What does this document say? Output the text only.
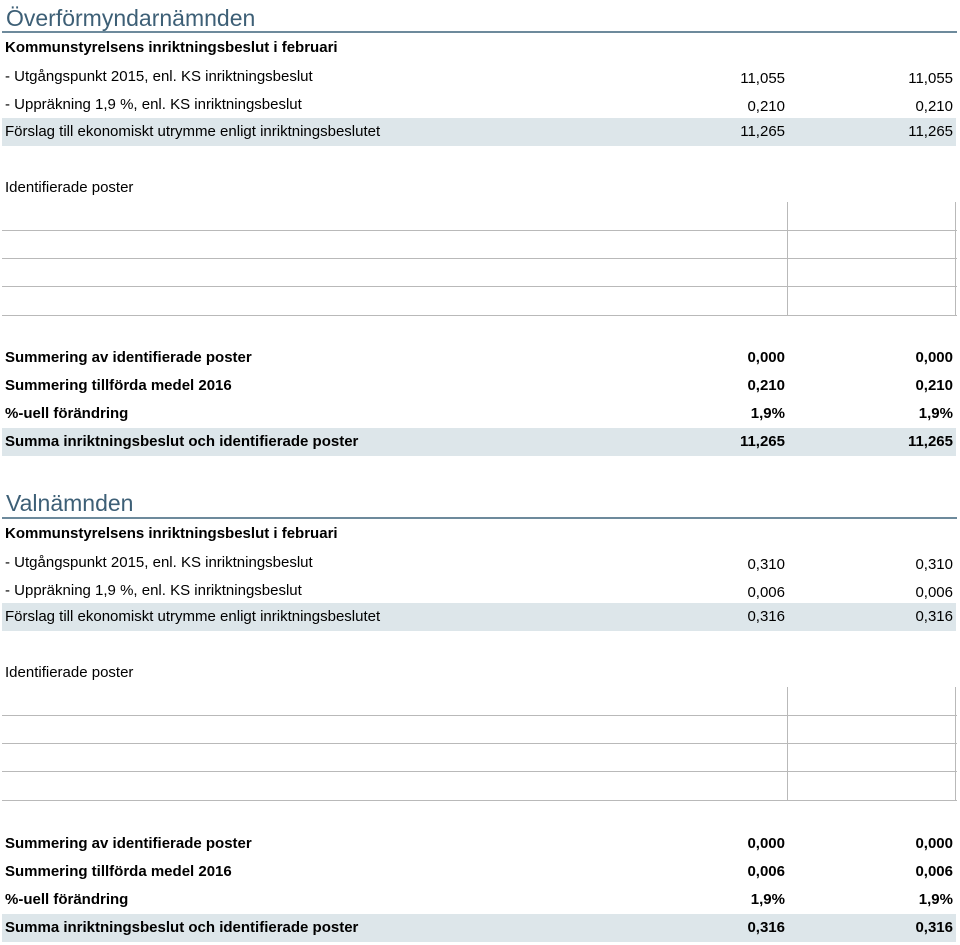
Överförmyndarnämnden
Kommunstyrelsens inriktningsbeslut i februari
- Utgångspunkt 2015, enl. KS inriktningsbeslut	11,055	11,055
- Uppräkning 1,9 %, enl. KS inriktningsbeslut	0,210	0,210
Förslag till ekonomiskt utrymme enligt inriktningsbeslutet	11,265	11,265
Identifierade poster
Summering av identifierade poster	0,000	0,000
Summering tillförda medel 2016	0,210	0,210
%-uell förändring	1,9%	1,9%
Summa inriktningsbeslut och identifierade poster	11,265	11,265
Valnämnden
Kommunstyrelsens inriktningsbeslut i februari
- Utgångspunkt 2015, enl. KS inriktningsbeslut	0,310	0,310
- Uppräkning 1,9 %, enl. KS inriktningsbeslut	0,006	0,006
Förslag till ekonomiskt utrymme enligt inriktningsbeslutet	0,316	0,316
Identifierade poster
Summering av identifierade poster	0,000	0,000
Summering tillförda medel 2016	0,006	0,006
%-uell förändring	1,9%	1,9%
Summa inriktningsbeslut och identifierade poster	0,316	0,316
